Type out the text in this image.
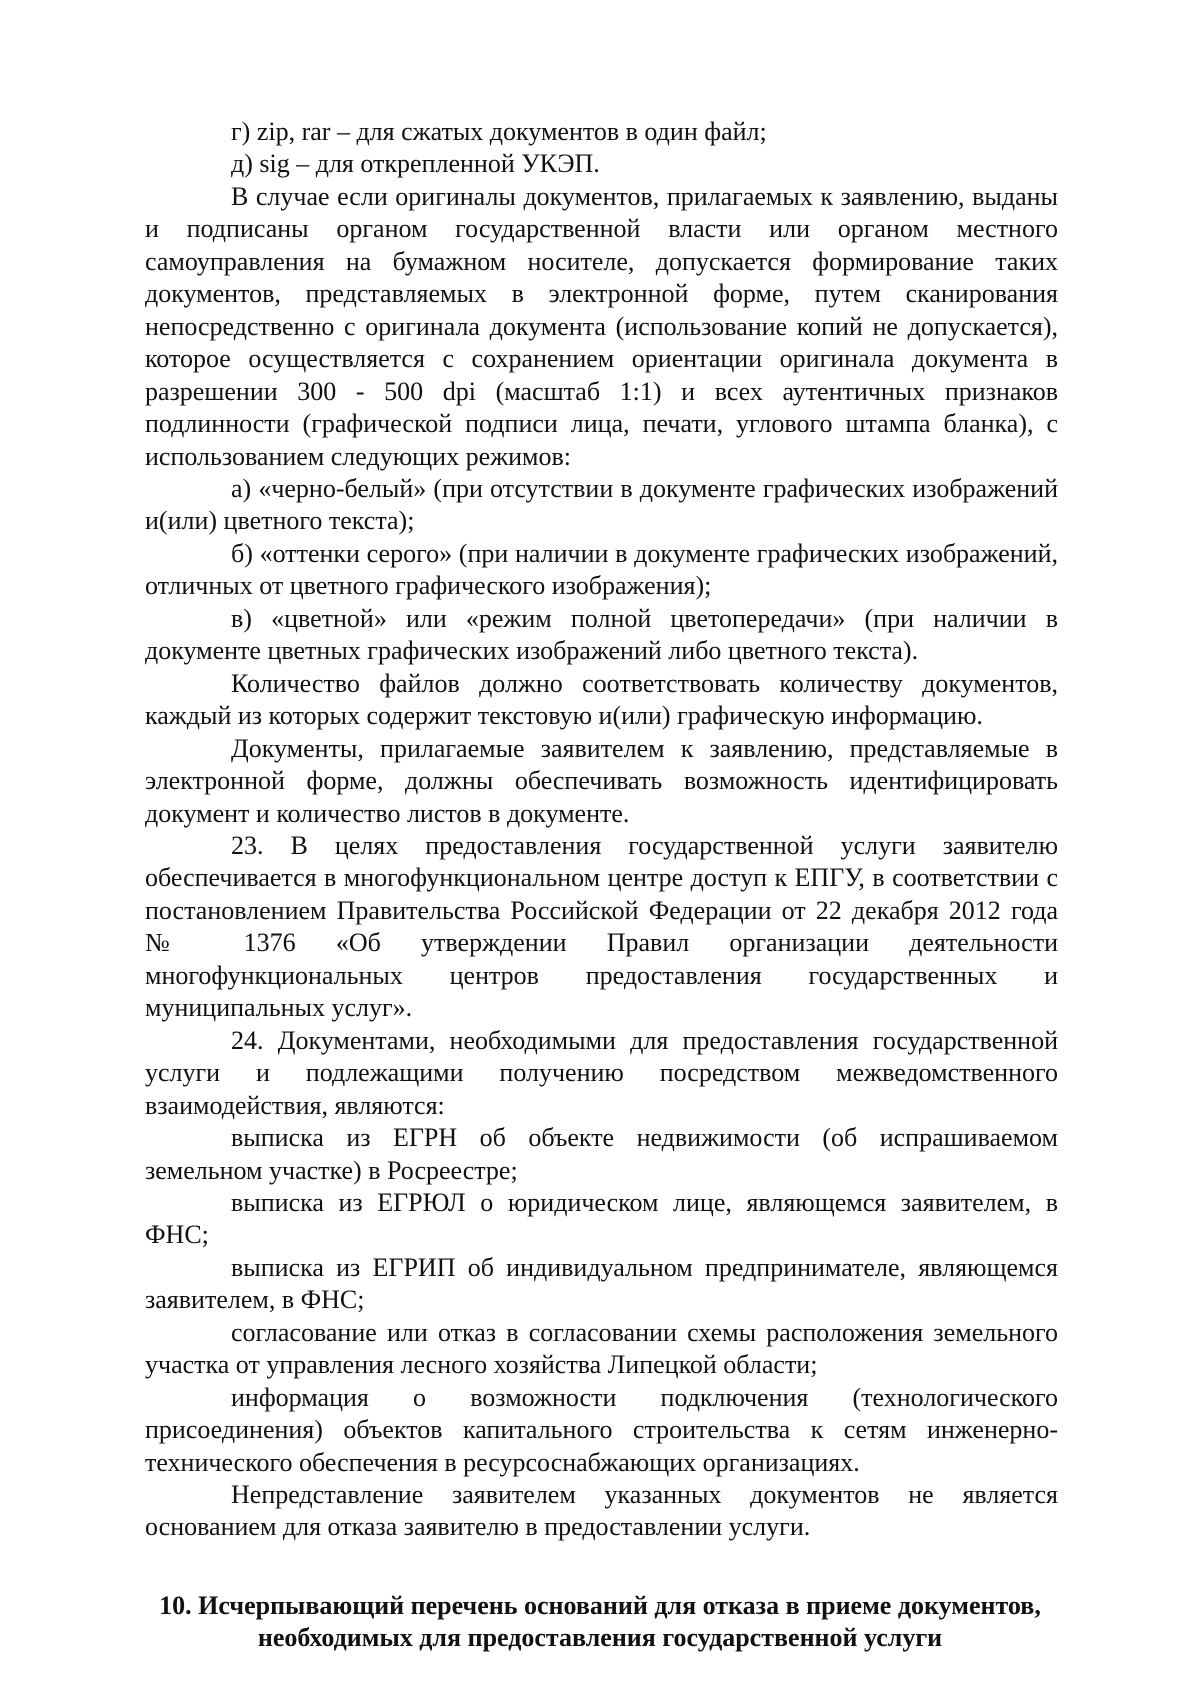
г) zip, rar – для сжатых документов в один файл;

д) sig – для открепленной УКЭП.

В случае если оригиналы документов, прилагаемых к заявлению, выданы и подписаны органом государственной власти или органом местного самоуправления на бумажном носителе, допускается формирование таких документов, представляемых в электронной форме, путем сканирования непосредственно с оригинала документа (использование копий не допускается), которое осуществляется с сохранением ориентации оригинала документа в разрешении 300 - 500 dpi (масштаб 1:1) и всех аутентичных признаков подлинности (графической подписи лица, печати, углового штампа бланка), с использованием следующих режимов:

а) «черно-белый» (при отсутствии в документе графических изображений и(или) цветного текста);

б) «оттенки серого» (при наличии в документе графических изображений, отличных от цветного графического изображения);

в) «цветной» или «режим полной цветопередачи» (при наличии в документе цветных графических изображений либо цветного текста).

Количество файлов должно соответствовать количеству документов, каждый из которых содержит текстовую и(или) графическую информацию.

Документы, прилагаемые заявителем к заявлению, представляемые в электронной форме, должны обеспечивать возможность идентифицировать документ и количество листов в документе.

23. В целях предоставления государственной услуги заявителю обеспечивается в многофункциональном центре доступ к ЕПГУ, в соответствии с постановлением Правительства Российской Федерации от 22 декабря 2012 года № 1376 «Об утверждении Правил организации деятельности многофункциональных центров предоставления государственных и муниципальных услуг».

24. Документами, необходимыми для предоставления государственной услуги и подлежащими получению посредством межведомственного взаимодействия, являются:

выписка из ЕГРН об объекте недвижимости (об испрашиваемом земельном участке) в Росреестре;

выписка из ЕГРЮЛ о юридическом лице, являющемся заявителем, в ФНС;

выписка из ЕГРИП об индивидуальном предпринимателе, являющемся заявителем, в ФНС;

согласование или отказ в согласовании схемы расположения земельного участка от управления лесного хозяйства Липецкой области;

информация о возможности подключения (технологического присоединения) объектов капитального строительства к сетям инженерно-технического обеспечения в ресурсоснабжающих организациях.

Непредставление заявителем указанных документов не является основанием для отказа заявителю в предоставлении услуги.

10. Исчерпывающий перечень оснований для отказа в приеме документов, необходимых для предоставления государственной услуги
